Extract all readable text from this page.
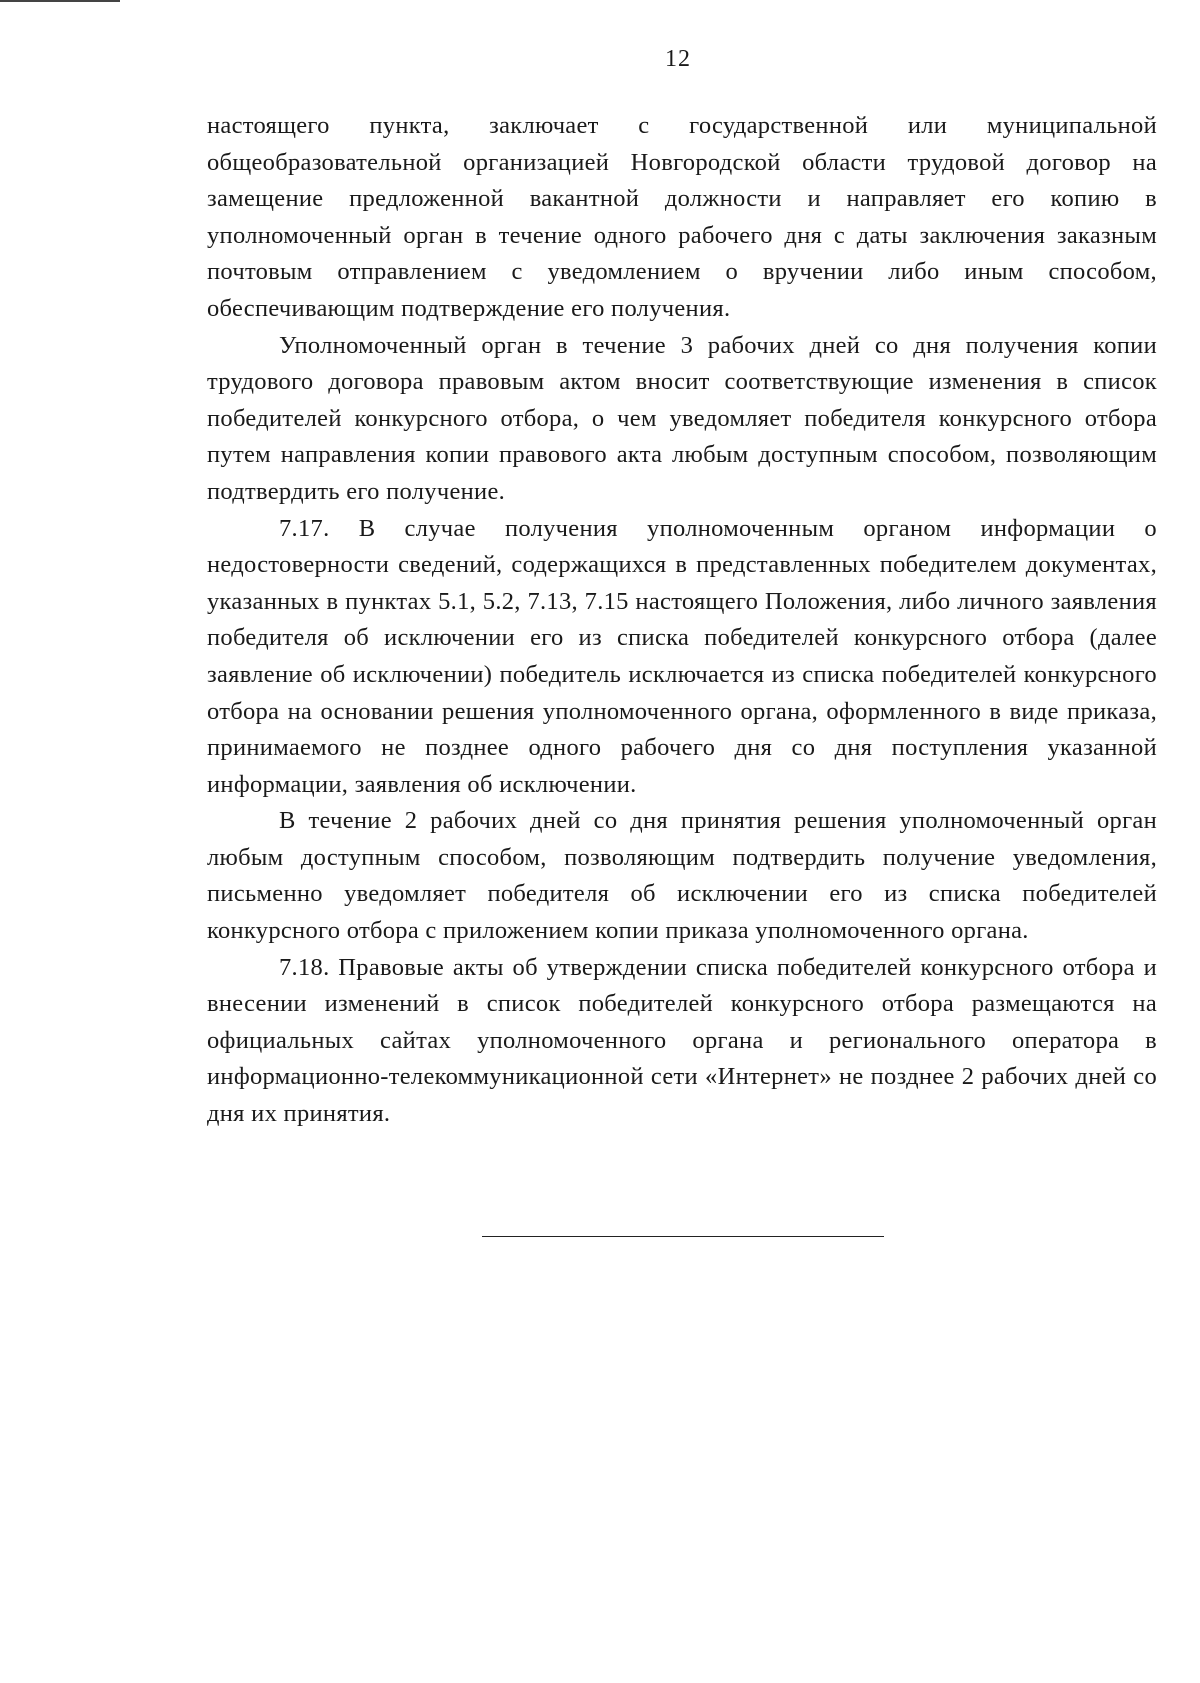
12

настоящего пункта, заключает с государственной или муниципальной общеобразовательной организацией Новгородской области трудовой договор на замещение предложенной вакантной должности и направляет его копию в уполномоченный орган в течение одного рабочего дня с даты заключения заказным почтовым отправлением с уведомлением о вручении либо иным способом, обеспечивающим подтверждение его получения.

Уполномоченный орган в течение 3 рабочих дней со дня получения копии трудового договора правовым актом вносит соответствующие изменения в список победителей конкурсного отбора, о чем уведомляет победителя конкурсного отбора путем направления копии правового акта любым доступным способом, позволяющим подтвердить его получение.

7.17. В случае получения уполномоченным органом информации о недостоверности сведений, содержащихся в представленных победителем документах, указанных в пунктах 5.1, 5.2, 7.13, 7.15 настоящего Положения, либо личного заявления победителя об исключении его из списка победителей конкурсного отбора (далее заявление об исключении) победитель исключается из списка победителей конкурсного отбора на основании решения уполномоченного органа, оформленного в виде приказа, принимаемого не позднее одного рабочего дня со дня поступления указанной информации, заявления об исключении.

В течение 2 рабочих дней со дня принятия решения уполномоченный орган любым доступным способом, позволяющим подтвердить получение уведомления, письменно уведомляет победителя об исключении его из списка победителей конкурсного отбора с приложением копии приказа уполномоченного органа.

7.18. Правовые акты об утверждении списка победителей конкурсного отбора и внесении изменений в список победителей конкурсного отбора размещаются на официальных сайтах уполномоченного органа и регионального оператора в информационно-телекоммуникационной сети «Интернет» не позднее 2 рабочих дней со дня их принятия.
